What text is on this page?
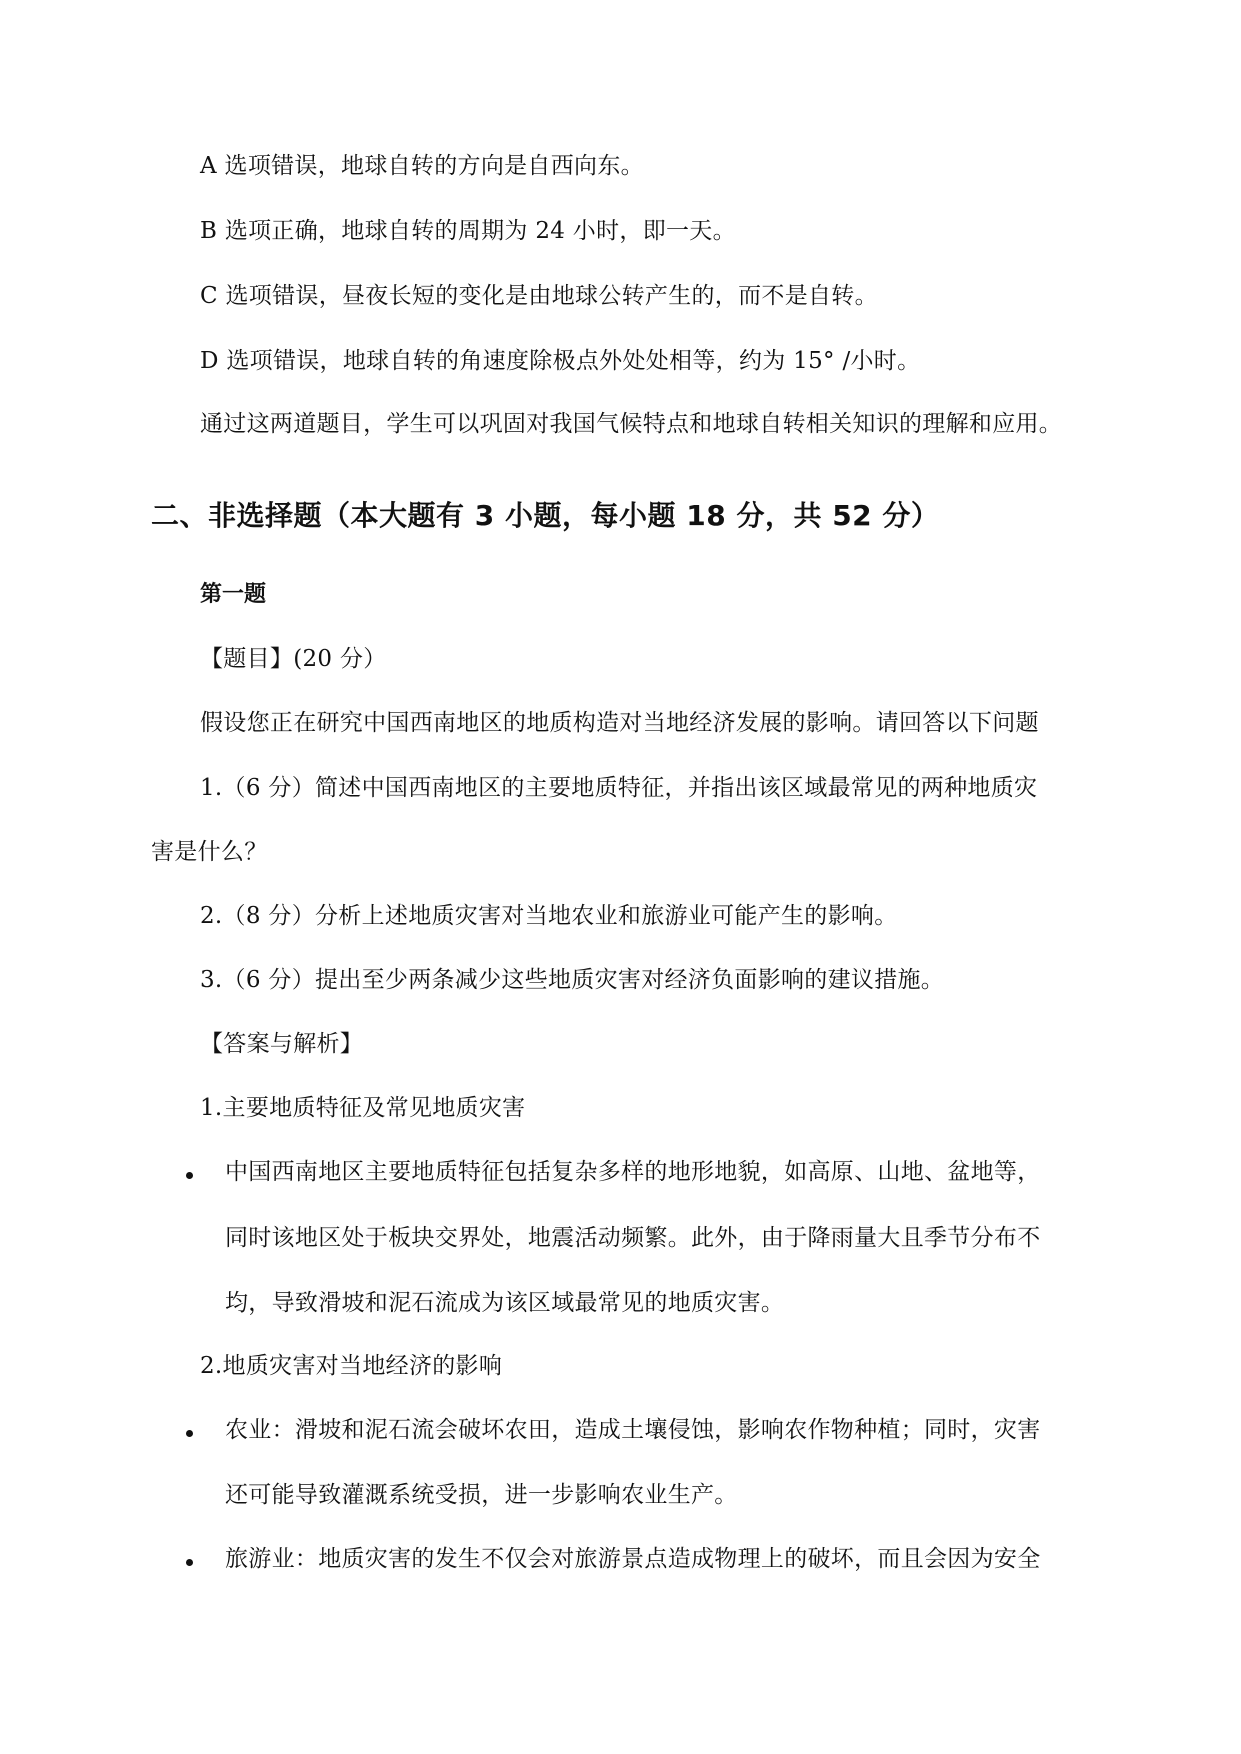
A 选项错误，地球自转的方向是自西向东。
B 选项正确，地球自转的周期为 24 小时，即一天。
C 选项错误，昼夜长短的变化是由地球公转产生的，而不是自转。
D 选项错误，地球自转的角速度除极点外处处相等，约为 15° /小时。
通过这两道题目，学生可以巩固对我国气候特点和地球自转相关知识的理解和应用。
二、非选择题（本大题有 3 小题，每小题 18 分，共 52 分）
第一题
【题目】(20 分）
假设您正在研究中国西南地区的地质构造对当地经济发展的影响。请回答以下问题
1.（6 分）简述中国西南地区的主要地质特征，并指出该区域最常见的两种地质灾
害是什么？
2.（8 分）分析上述地质灾害对当地农业和旅游业可能产生的影响。
3.（6 分）提出至少两条减少这些地质灾害对经济负面影响的建议措施。
【答案与解析】
1.主要地质特征及常见地质灾害
中国西南地区主要地质特征包括复杂多样的地形地貌，如高原、山地、盆地等，
同时该地区处于板块交界处，地震活动频繁。此外，由于降雨量大且季节分布不
均，导致滑坡和泥石流成为该区域最常见的地质灾害。
2.地质灾害对当地经济的影响
农业：滑坡和泥石流会破坏农田，造成土壤侵蚀，影响农作物种植；同时，灾害
还可能导致灌溉系统受损，进一步影响农业生产。
旅游业：地质灾害的发生不仅会对旅游景点造成物理上的破坏，而且会因为安全
